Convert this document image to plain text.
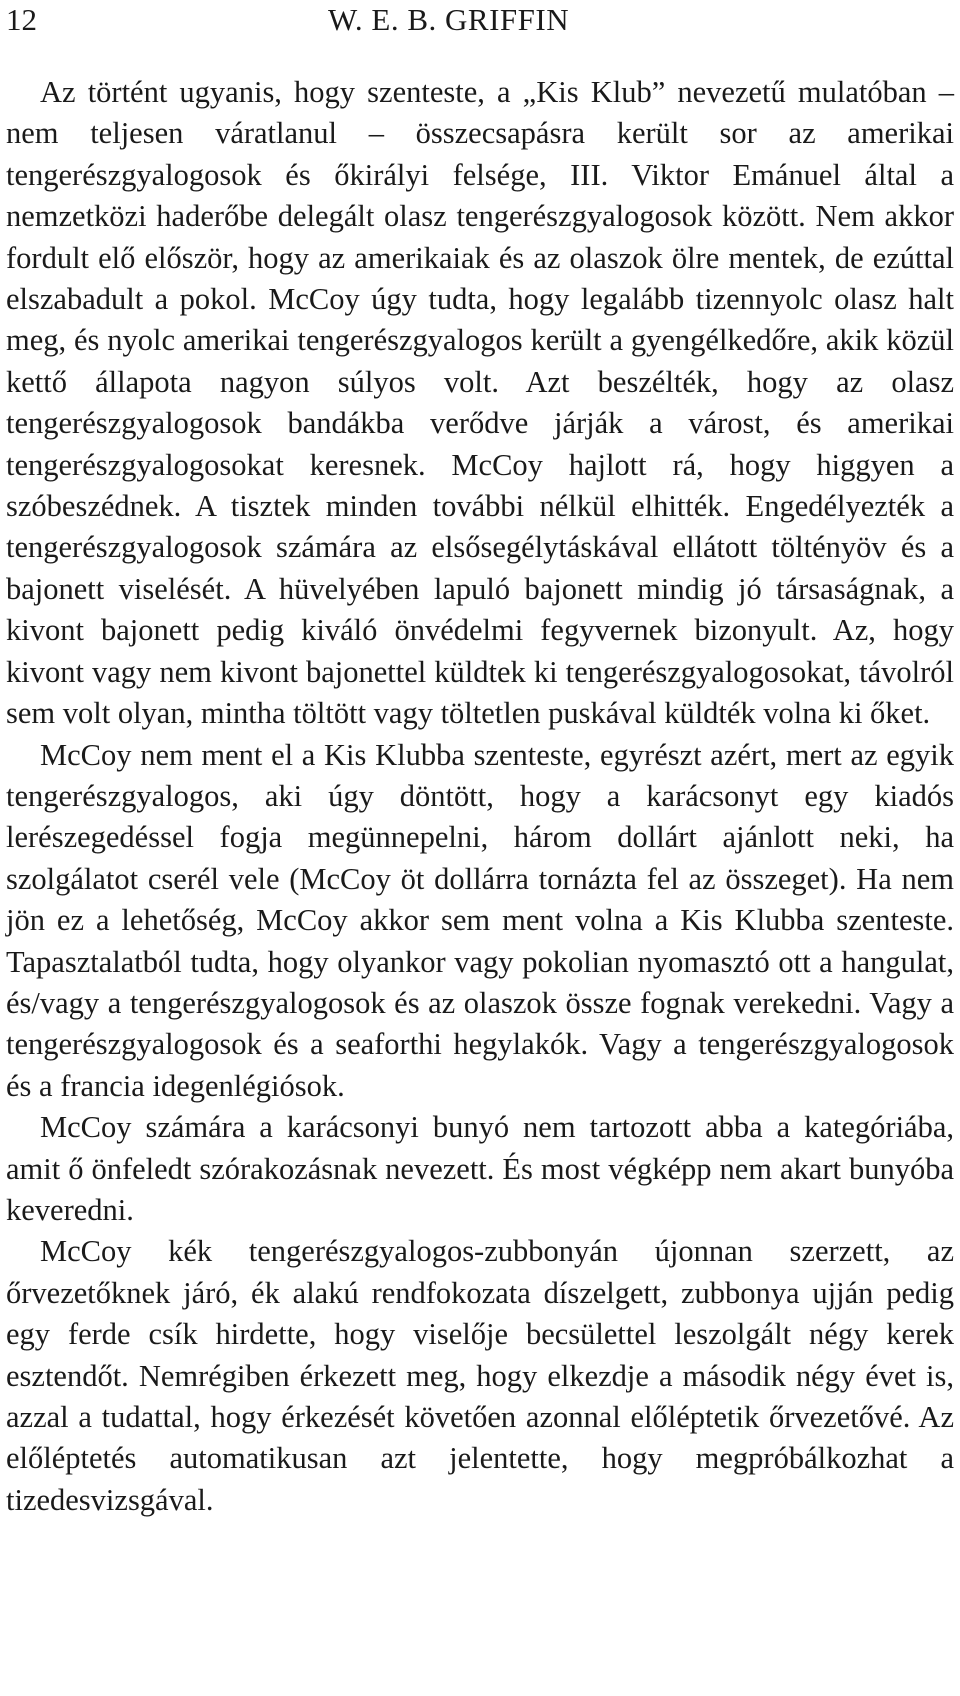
12	W. E. B. GRIFFIN

Az történt ugyanis, hogy szenteste, a „Kis Klub” nevezetű mulatóban – nem teljesen váratlanul – összecsapásra került sor az amerikai tengerészgyalogosok és őkirályi felsége, III. Viktor Emánuel által a nemzetközi haderőbe delegált olasz tengerészgyalogosok között. Nem akkor fordult elő először, hogy az amerikaiak és az olaszok ölre mentek, de ezúttal elszabadult a pokol. McCoy úgy tudta, hogy legalább tizennyolc olasz halt meg, és nyolc amerikai tengerészgyalogos került a gyengélkedőre, akik közül kettő állapota nagyon súlyos volt. Azt beszélték, hogy az olasz tengerészgyalogosok bandákba verődve járják a várost, és amerikai tengerészgyalogosokat keresnek. McCoy hajlott rá, hogy higgyen a szóbeszédnek. A tisztek minden további nélkül elhitték. Engedélyezték a tengerészgyalogosok számára az elsősegélytáskával ellátott töltényöv és a bajonett viselését. A hüvelyében lapuló bajonett mindig jó társaságnak, a kivont bajonett pedig kiváló önvédelmi fegyvernek bizonyult. Az, hogy kivont vagy nem kivont bajonettel küldtek ki tengerészgyalogosokat, távolról sem volt olyan, mintha töltött vagy töltetlen puskával küldték volna ki őket.

McCoy nem ment el a Kis Klubba szenteste, egyrészt azért, mert az egyik tengerészgyalogos, aki úgy döntött, hogy a karácsonyt egy kiadós lerészegedéssel fogja megünnepelni, három dollárt ajánlott neki, ha szolgálatot cserél vele (McCoy öt dollárra tornázta fel az összeget). Ha nem jön ez a lehetőség, McCoy akkor sem ment volna a Kis Klubba szenteste. Tapasztalatból tudta, hogy olyankor vagy pokolian nyomasztó ott a hangulat, és/vagy a tengerészgyalogosok és az olaszok össze fognak verekedni. Vagy a tengerészgyalogosok és a seaforthi hegylakók. Vagy a tengerészgyalogosok és a francia idegenlégiósok.

McCoy számára a karácsonyi bunyó nem tartozott abba a kategóriába, amit ő önfeledt szórakozásnak nevezett. És most végképp nem akart bunyóba keveredni.

McCoy kék tengerészgyalogos-zubbonyán újonnan szerzett, az őrvezetőknek járó, ék alakú rendfokozata díszelgett, zubbonya ujján pedig egy ferde csík hirdette, hogy viselője becsülettel leszolgált négy kerek esztendőt. Nemrégiben érkezett meg, hogy elkezdje a második négy évet is, azzal a tudattal, hogy érkezését követően azonnal előléptetik őrvezetővé. Az előléptetés automatikusan azt jelentette, hogy megpróbálkozhat a tizedesvizsgával.
